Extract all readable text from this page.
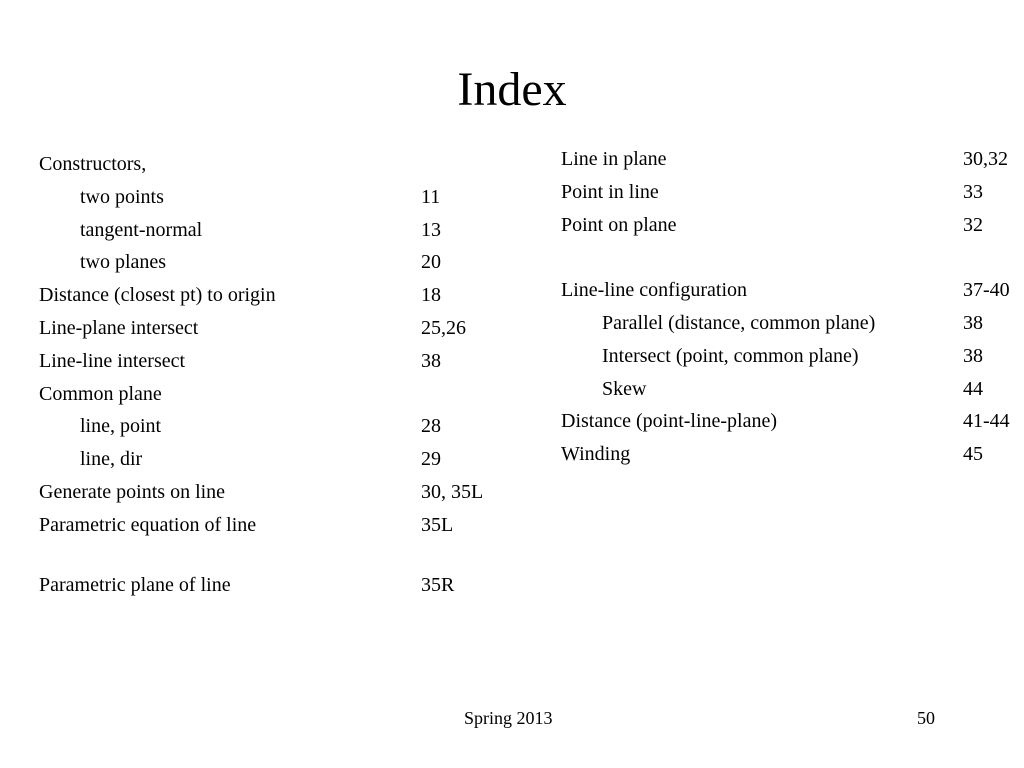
Index
Constructors,
two points	11
tangent-normal	13
two planes	20
Distance (closest pt) to origin	18
Line-plane intersect	25,26
Line-line intersect	38
Common plane
line, point	28
line, dir	29
Generate points on line	30, 35L
Parametric equation of line	35L
Parametric plane of line	35R
Line in plane	30,32
Point in line	33
Point on plane	32
Line-line configuration	37-40
Parallel (distance, common plane)	38
Intersect (point, common plane)	38
Skew	44
Distance (point-line-plane)	41-44
Winding	45
Spring 2013	50
